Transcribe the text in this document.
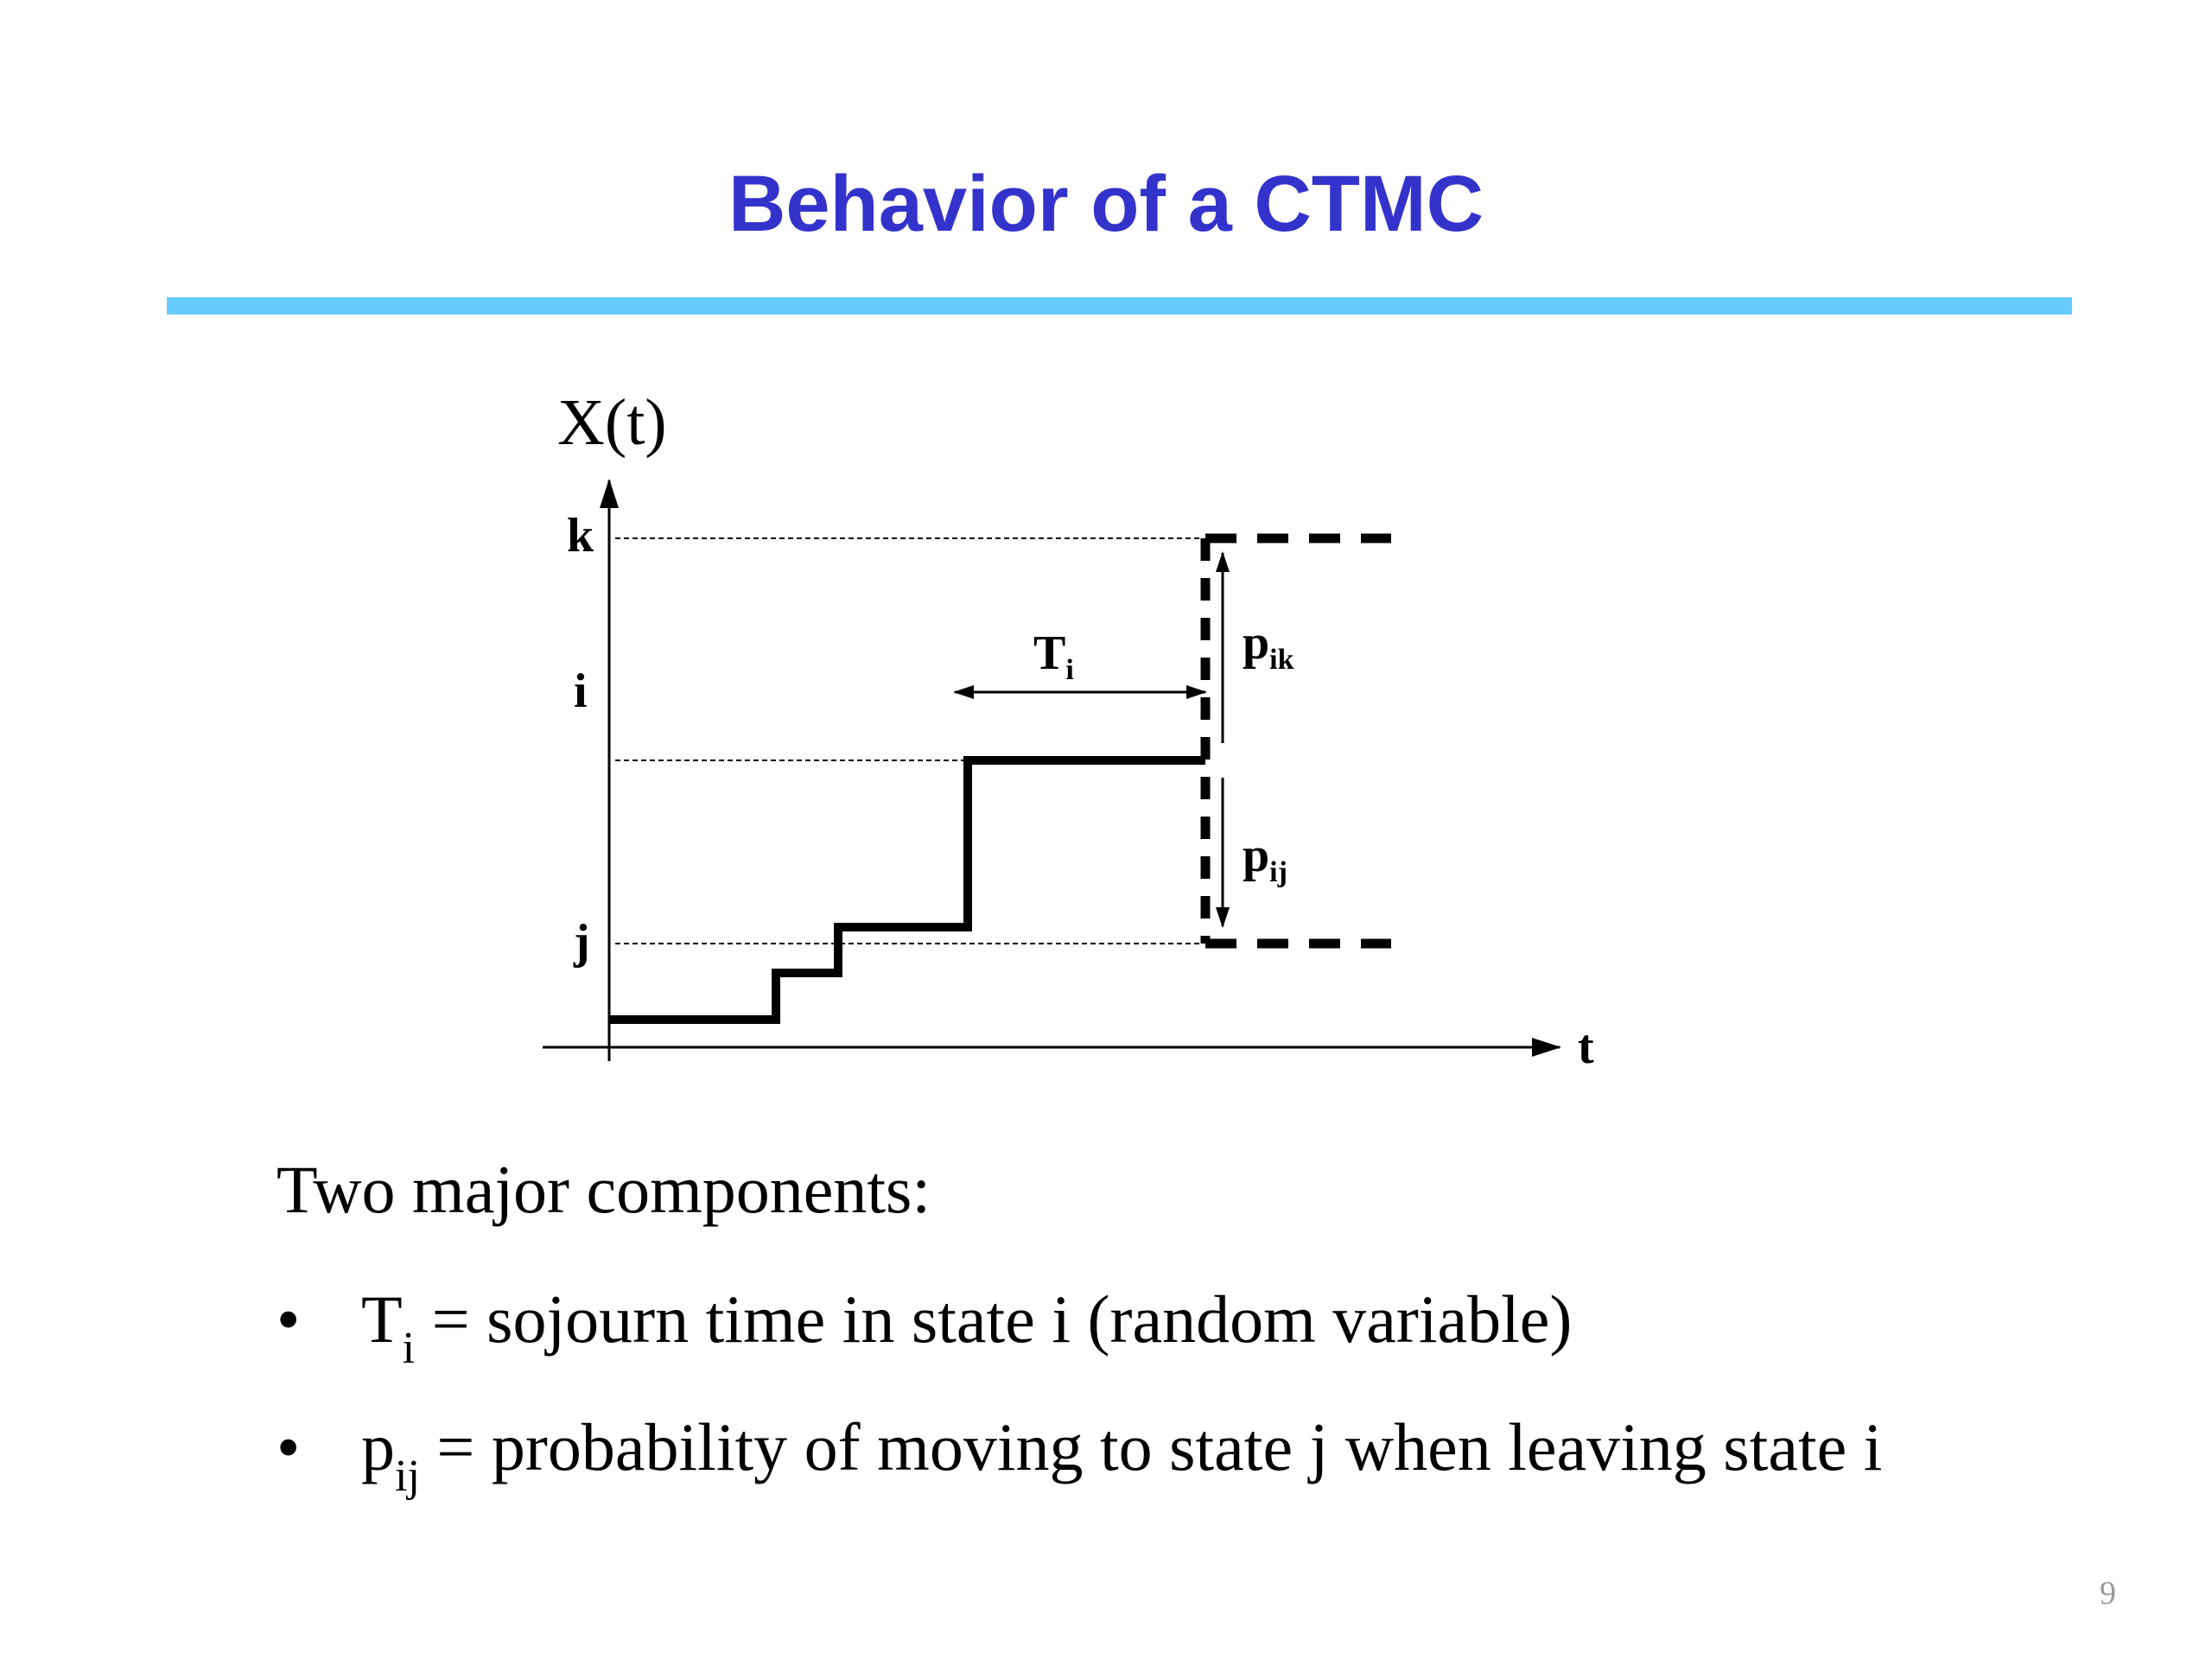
Behavior of a CTMC
X(t)
t
k
i
j
$T_i$
$p_{ik}$
$p_{ij}$
Two major components:
• $T_i$ = sojourn time in state i (random variable)
• $p_{ij}$ = probability of moving to state j when leaving state i
9
